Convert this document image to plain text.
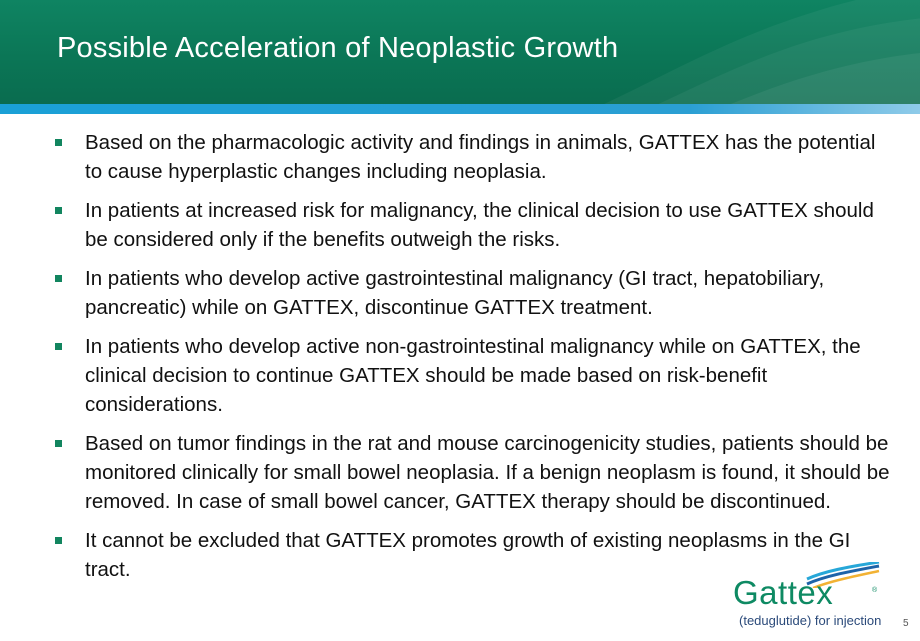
Possible Acceleration of Neoplastic Growth
Based on the pharmacologic activity and findings in animals, GATTEX has the potential to cause hyperplastic changes including neoplasia.
In patients at increased risk for malignancy, the clinical decision to use GATTEX should be considered only if the benefits outweigh the risks.
In patients who develop active gastrointestinal malignancy (GI tract, hepatobiliary, pancreatic) while on GATTEX, discontinue GATTEX treatment.
In patients who develop active non-gastrointestinal malignancy while on GATTEX, the clinical decision to continue GATTEX should be made based on risk-benefit considerations.
Based on tumor findings in the rat and mouse carcinogenicity studies, patients should be monitored clinically for small bowel neoplasia. If a benign neoplasm is found, it should be removed. In case of small bowel cancer, GATTEX therapy should be discontinued.
It cannot be excluded that GATTEX promotes growth of existing neoplasms in the GI tract.
Gattex	®
(teduglutide) for injection 5
